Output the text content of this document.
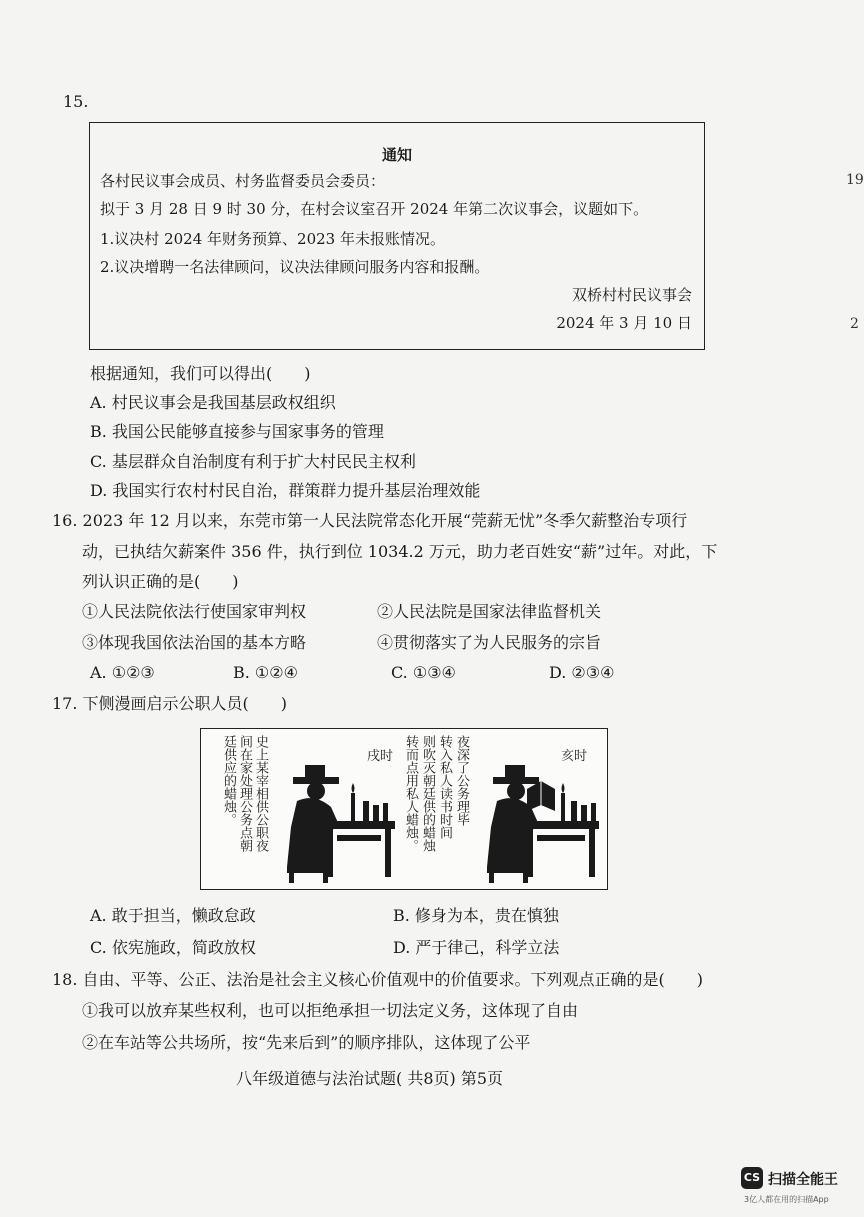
19
2
15.
通知
各村民议事会成员、村务监督委员会委员：
拟于 3 月 28 日 9 时 30 分，在村会议室召开 2024 年第二次议事会，议题如下。
1.议决村 2024 年财务预算、2023 年未报账情况。
2.议决增聘一名法律顾问，议决法律顾问服务内容和报酬。
双桥村村民议事会
2024 年 3 月 10 日
根据通知，我们可以得出(　　)
A. 村民议事会是我国基层政权组织
B. 我国公民能够直接参与国家事务的管理
C. 基层群众自治制度有利于扩大村民民主权利
D. 我国实行农村村民自治，群策群力提升基层治理效能
16. 2023 年 12 月以来，东莞市第一人民法院常态化开展“莞薪无忧”冬季欠薪整治专项行
动，已执结欠薪案件 356 件，执行到位 1034.2 万元，助力老百姓安“薪”过年。对此，下
列认识正确的是(　　)
①人民法院依法行使国家审判权	②人民法院是国家法律监督机关
③体现我国依法治国的基本方略	④贯彻落实了为人民服务的宗旨
A. ①②③	B. ①②④	C. ①③④	D. ②③④
17. 下侧漫画启示公职人员(　　)
廷供应的蜡烛。 间在家处理公务点朝 史上某宰相供公职夜	戌时 转而点用私人蜡烛。 则吹灭朝廷供的蜡烛 转入私人读书时间 夜深了公务理毕	亥时
A. 敢于担当，懒政怠政	B. 修身为本，贵在慎独
C. 依宪施政，简政放权	D. 严于律己，科学立法
18. 自由、平等、公正、法治是社会主义核心价值观中的价值要求。下列观点正确的是(　　)
①我可以放弃某些权利，也可以拒绝承担一切法定义务，这体现了自由
②在车站等公共场所，按“先来后到”的顺序排队，这体现了公平
八年级道德与法治试题( 共8页) 第5页
CS 扫描全能王
3亿人都在用的扫描App
